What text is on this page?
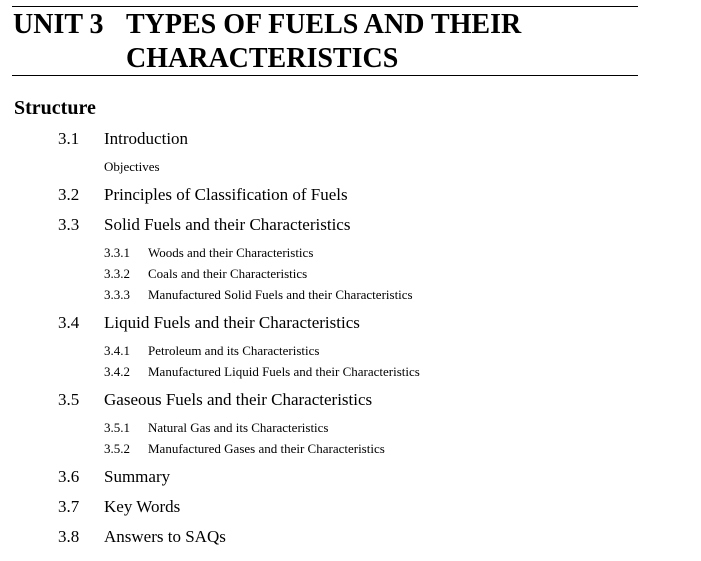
UNIT 3 TYPES OF FUELS AND THEIR
CHARACTERISTICS
Structure
3.1 Introduction
Objectives
3.2 Principles of Classification of Fuels
3.3 Solid Fuels and their Characteristics
3.3.1 Woods and their Characteristics
3.3.2 Coals and their Characteristics
3.3.3 Manufactured Solid Fuels and their Characteristics
3.4 Liquid Fuels and their Characteristics
3.4.1 Petroleum and its Characteristics
3.4.2 Manufactured Liquid Fuels and their Characteristics
3.5 Gaseous Fuels and their Characteristics
3.5.1 Natural Gas and its Characteristics
3.5.2 Manufactured Gases and their Characteristics
3.6 Summary
3.7 Key Words
3.8 Answers to SAQs
